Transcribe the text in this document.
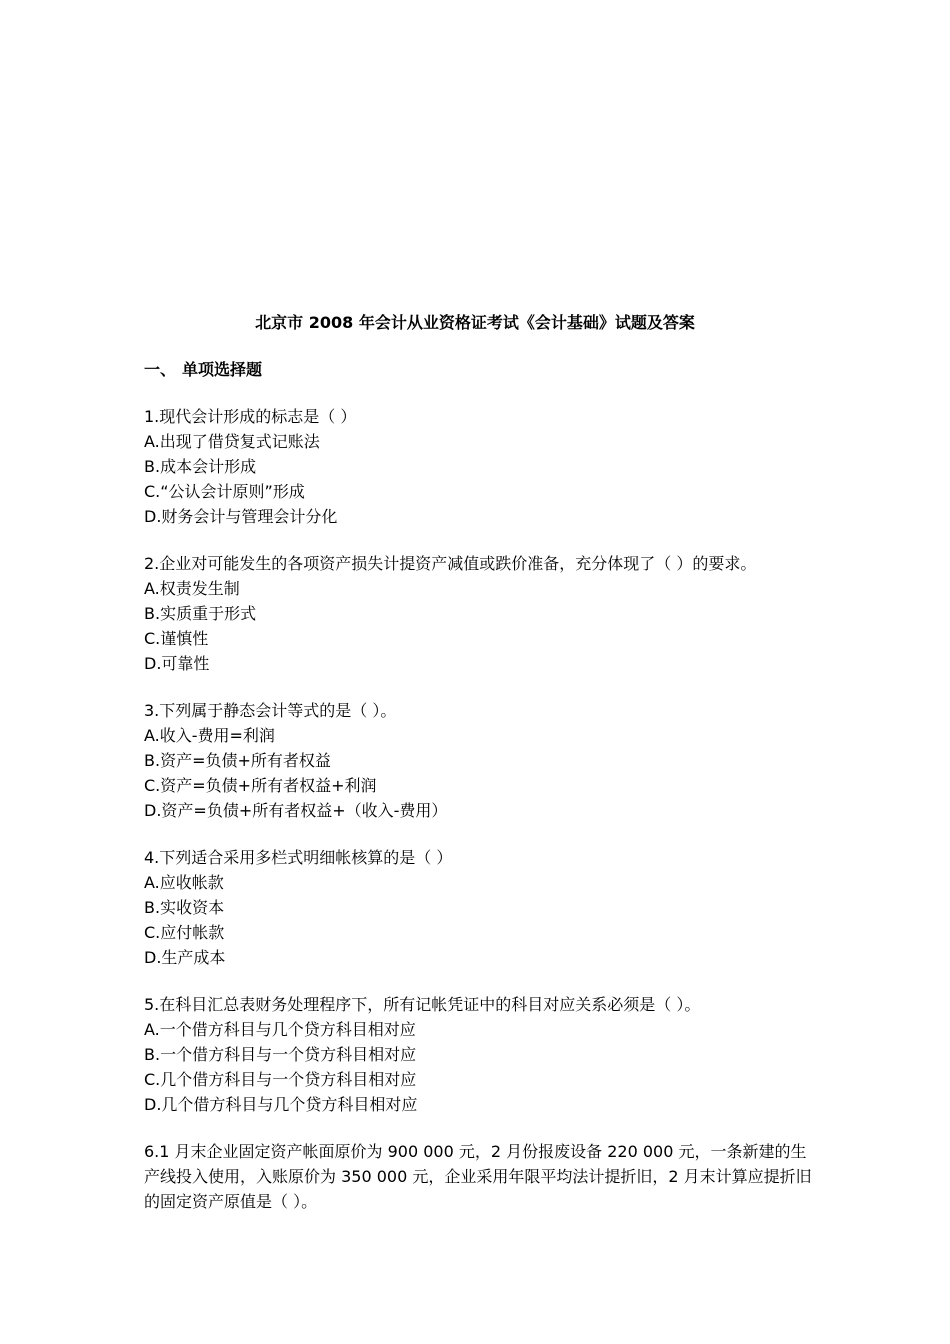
北京市 2008 年会计从业资格证考试《会计基础》试题及答案
一、 单项选择题
1.现代会计形成的标志是（ ）
A.出现了借贷复式记账法
B.成本会计形成
C.“公认会计原则”形成
D.财务会计与管理会计分化
2.企业对可能发生的各项资产损失计提资产减值或跌价准备，充分体现了（ ）的要求。
A.权责发生制
B.实质重于形式
C.谨慎性
D.可靠性
3.下列属于静态会计等式的是（ ）。
A.收入-费用=利润
B.资产=负债+所有者权益
C.资产=负债+所有者权益+利润
D.资产=负债+所有者权益+（收入-费用）
4.下列适合采用多栏式明细帐核算的是（ ）
A.应收帐款
B.实收资本
C.应付帐款
D.生产成本
5.在科目汇总表财务处理程序下，所有记帐凭证中的科目对应关系必须是（ ）。
A.一个借方科目与几个贷方科目相对应
B.一个借方科目与一个贷方科目相对应
C.几个借方科目与一个贷方科目相对应
D.几个借方科目与几个贷方科目相对应
6.1 月末企业固定资产帐面原价为 900 000 元，2 月份报废设备 220 000 元，一条新建的生产线投入使用，入账原价为 350 000 元，企业采用年限平均法计提折旧，2 月末计算应提折旧的固定资产原值是（ ）。
